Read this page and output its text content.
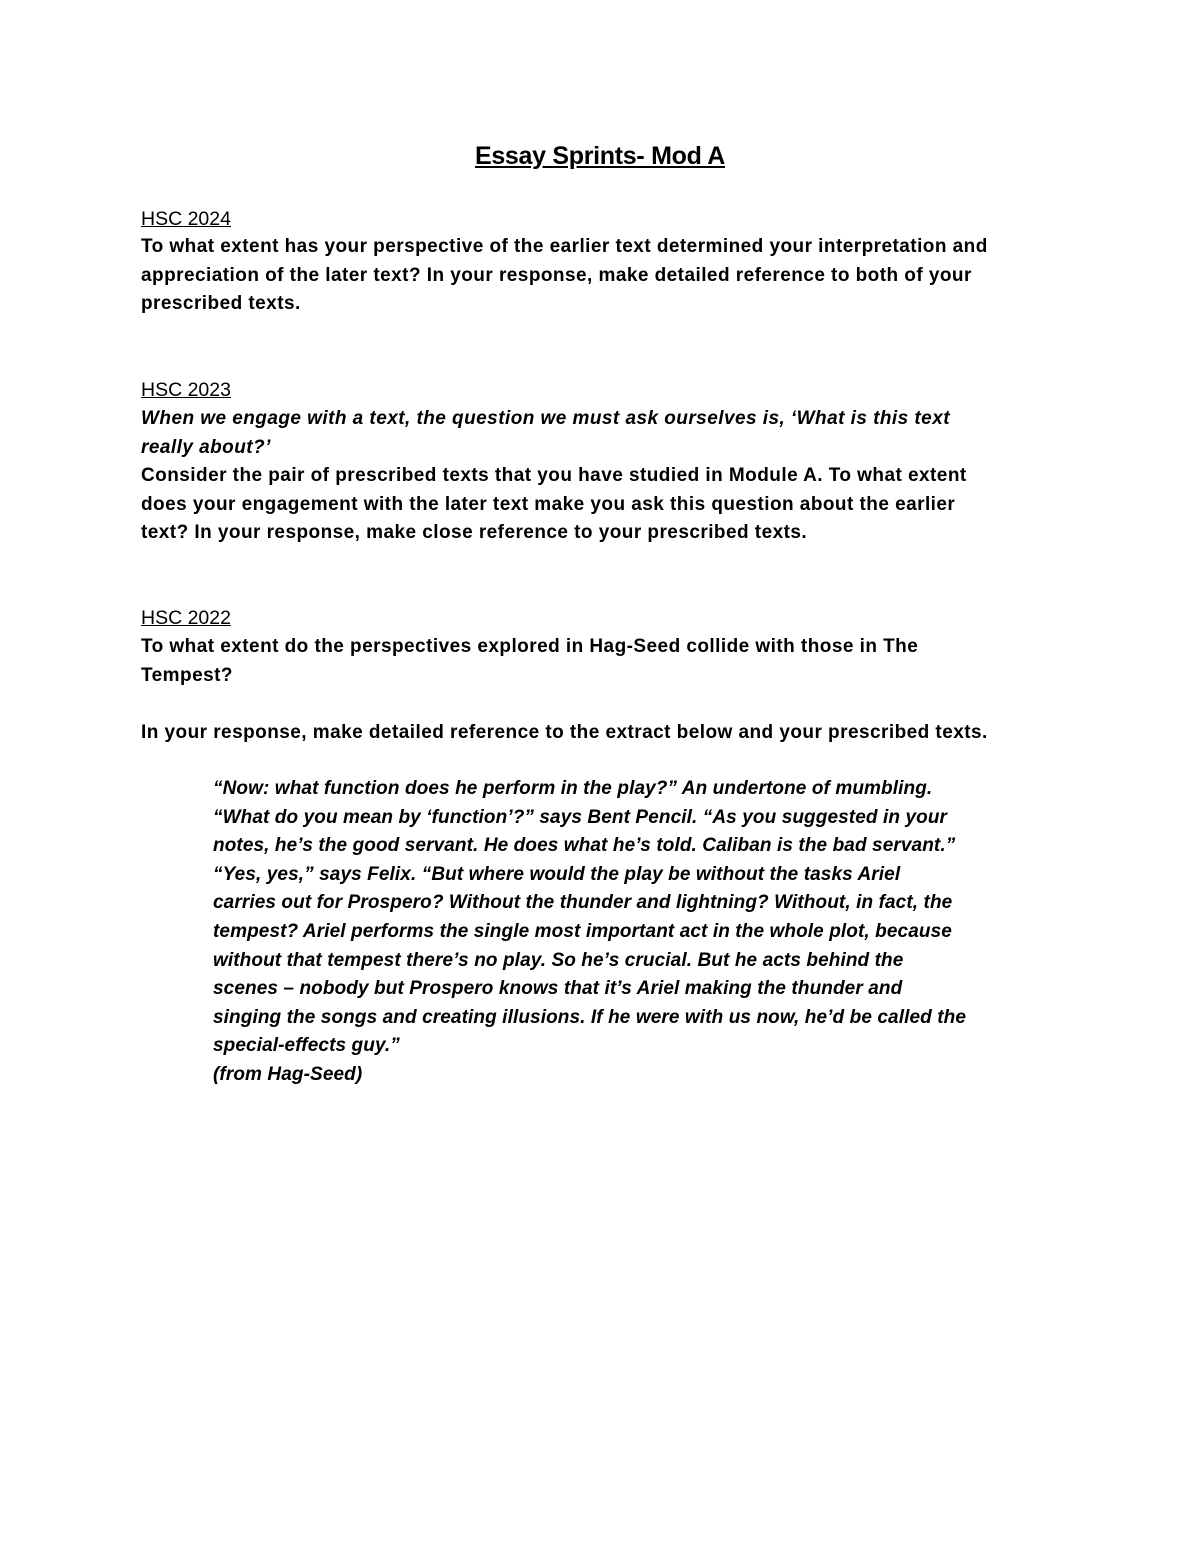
Essay Sprints- Mod A
HSC 2024

To what extent has your perspective of the earlier text determined your interpretation and
appreciation of the later text? In your response, make detailed reference to both of your
prescribed texts.

HSC 2023

When we engage with a text, the question we must ask ourselves is, ‘What is this text
really about?’

Consider the pair of prescribed texts that you have studied in Module A. To what extent
does your engagement with the later text make you ask this question about the earlier
text? In your response, make close reference to your prescribed texts.

HSC 2022

To what extent do the perspectives explored in Hag-Seed collide with those in The
Tempest?

In your response, make detailed reference to the extract below and your prescribed texts.

“Now: what function does he perform in the play?” An undertone of mumbling.
“What do you mean by ‘function’?” says Bent Pencil. “As you suggested in your
notes, he’s the good servant. He does what he’s told. Caliban is the bad servant.”
“Yes, yes,” says Felix. “But where would the play be without the tasks Ariel
carries out for Prospero? Without the thunder and lightning? Without, in fact, the
tempest? Ariel performs the single most important act in the whole plot, because
without that tempest there’s no play. So he’s crucial. But he acts behind the
scenes – nobody but Prospero knows that it’s Ariel making the thunder and
singing the songs and creating illusions. If he were with us now, he’d be called the
special-effects guy.”
(from Hag-Seed)
